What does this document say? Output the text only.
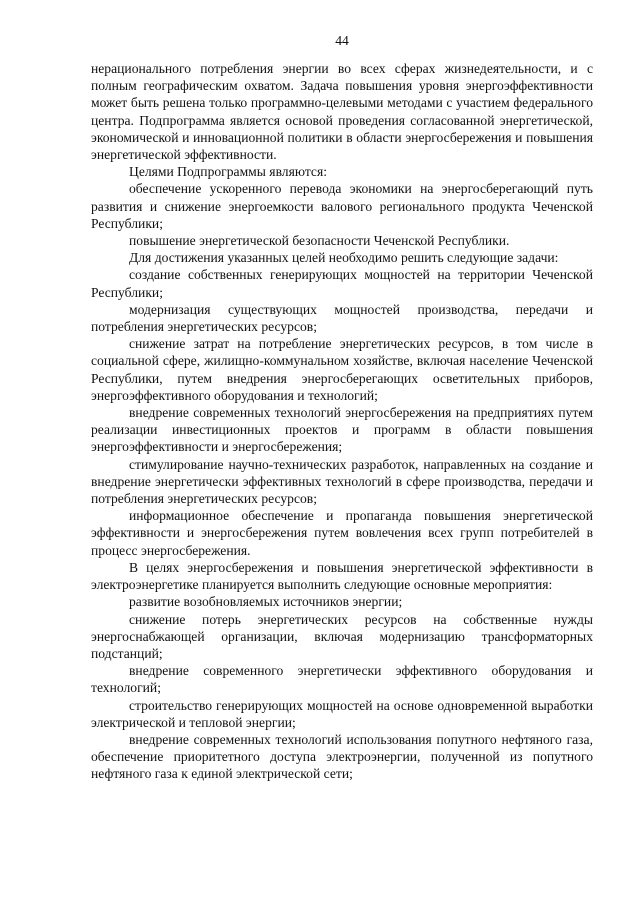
44

нерационального потребления энергии во всех сферах жизнедеятельности, и с полным географическим охватом. Задача повышения уровня энергоэффективности может быть решена только программно-целевыми методами с участием федерального центра. Подпрограмма является основой проведения согласованной энергетической, экономической и инновационной политики в области энергосбережения и повышения энергетической эффективности.

Целями Подпрограммы являются:

обеспечение ускоренного перевода экономики на энергосберегающий путь развития и снижение энергоемкости валового регионального продукта Чеченской Республики;

повышение энергетической безопасности Чеченской Республики.

Для достижения указанных целей необходимо решить следующие задачи:

создание собственных генерирующих мощностей на территории Чеченской Республики;

модернизация существующих мощностей производства, передачи и потребления энергетических ресурсов;

снижение затрат на потребление энергетических ресурсов, в том числе в социальной сфере, жилищно-коммунальном хозяйстве, включая население Чеченской Республики, путем внедрения энергосберегающих осветительных приборов, энергоэффективного оборудования и технологий;

внедрение современных технологий энергосбережения на предприятиях путем реализации инвестиционных проектов и программ в области повышения энергоэффективности и энергосбережения;

стимулирование научно-технических разработок, направленных на создание и внедрение энергетически эффективных технологий в сфере производства, передачи и потребления энергетических ресурсов;

информационное обеспечение и пропаганда повышения энергетической эффективности и энергосбережения путем вовлечения всех групп потребителей в процесс энергосбережения.

В целях энергосбережения и повышения энергетической эффективности в электроэнергетике планируется выполнить следующие основные мероприятия:

развитие возобновляемых источников энергии;

снижение потерь энергетических ресурсов на собственные нужды энергоснабжающей организации, включая модернизацию трансформаторных подстанций;

внедрение современного энергетически эффективного оборудования и технологий;

строительство генерирующих мощностей на основе одновременной выработки электрической и тепловой энергии;

внедрение современных технологий использования попутного нефтяного газа, обеспечение приоритетного доступа электроэнергии, полученной из попутного нефтяного газа к единой электрической сети;
